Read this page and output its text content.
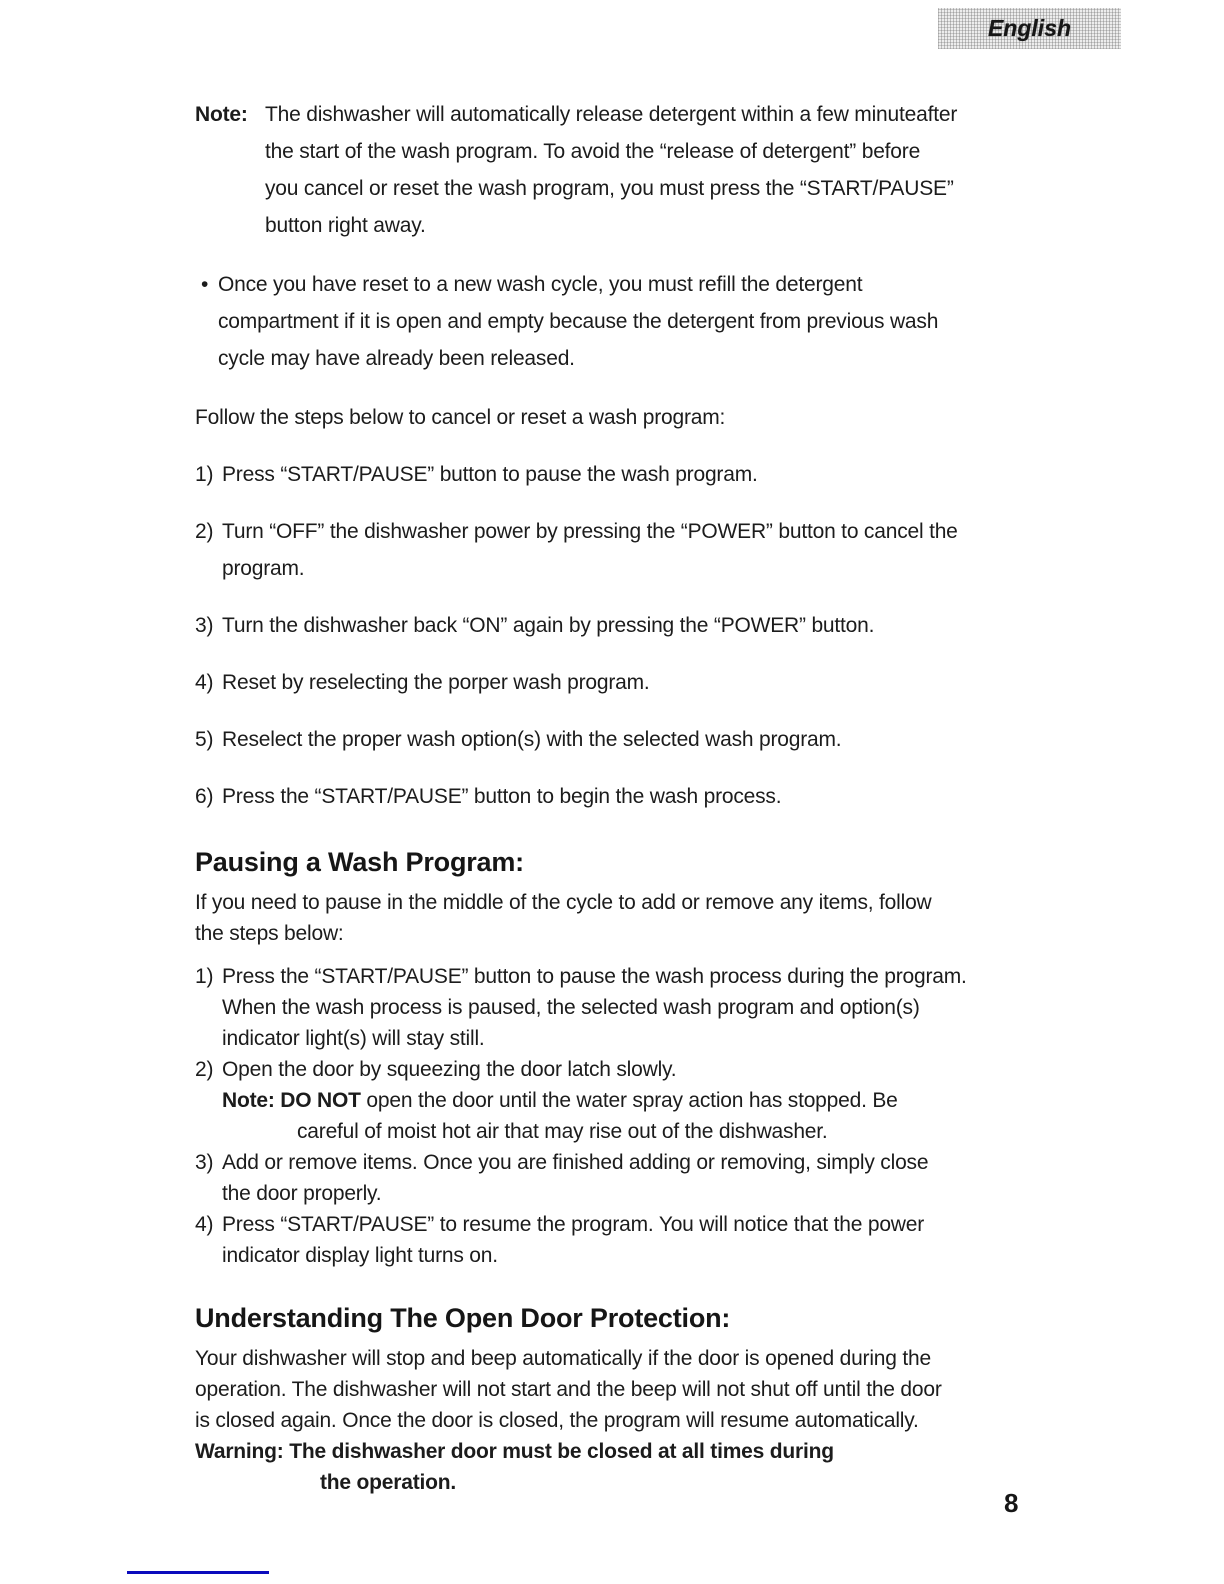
English
Note: The dishwasher will automatically release detergent within a few minuteafter
the start of the wash program. To avoid the “release of detergent” before
you cancel or reset the wash program, you must press the “START/PAUSE”
button right away.
• Once you have reset to a new wash cycle, you must refill the detergent
compartment if it is open and empty because the detergent from previous wash
cycle may have already been released.
Follow the steps below to cancel or reset a wash program:
1) Press “START/PAUSE” button to pause the wash program.
2) Turn “OFF” the dishwasher power by pressing the “POWER” button to cancel the
program.
3) Turn the dishwasher back “ON” again by pressing the “POWER” button.
4) Reset by reselecting the porper wash program.
5) Reselect the proper wash option(s) with the selected wash program.
6) Press the “START/PAUSE” button to begin the wash process.
Pausing a Wash Program:
If you need to pause in the middle of the cycle to add or remove any items, follow
the steps below:
1) Press the “START/PAUSE” button to pause the wash process during the program.
When the wash process is paused, the selected wash program and option(s)
indicator light(s) will stay still.
2) Open the door by squeezing the door latch slowly.
Note: DO NOT open the door until the water spray action has stopped. Be
careful of moist hot air that may rise out of the dishwasher.
3) Add or remove items. Once you are finished adding or removing, simply close
the door properly.
4) Press “START/PAUSE” to resume the program. You will notice that the power
indicator display light turns on.
Understanding The Open Door Protection:
Your dishwasher will stop and beep automatically if the door is opened during the
operation. The dishwasher will not start and the beep will not shut off until the door
is closed again. Once the door is closed, the program will resume automatically.
Warning: The dishwasher door must be closed at all times during
the operation.
8
